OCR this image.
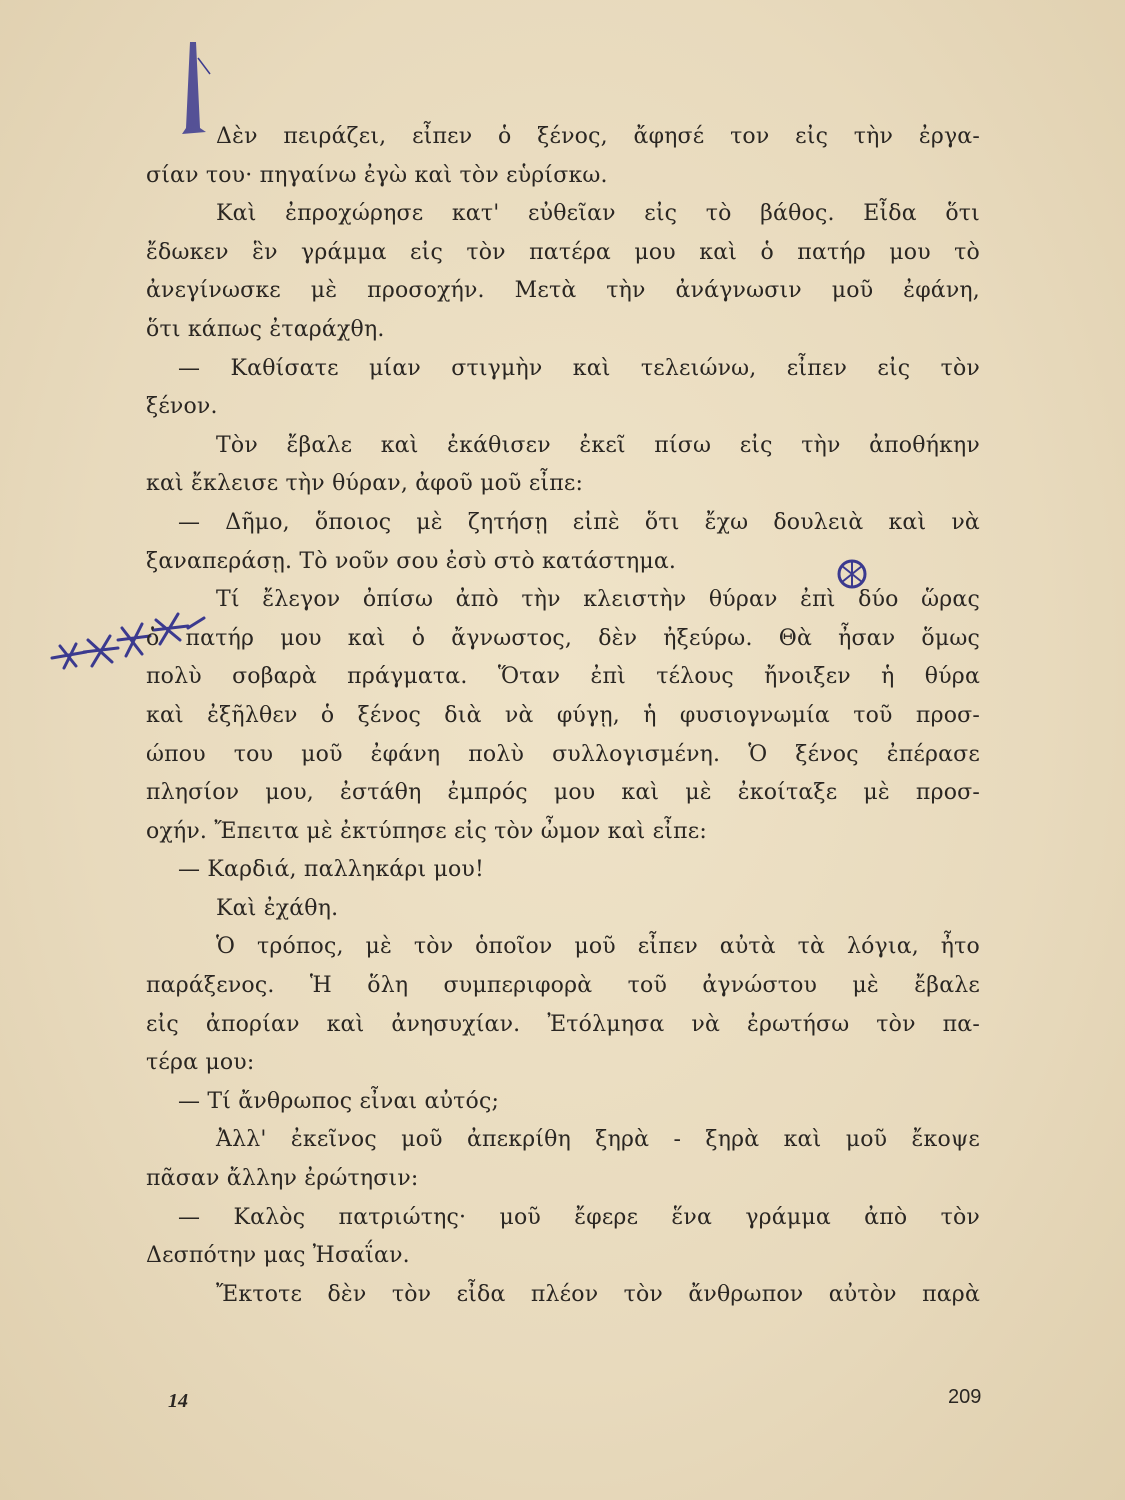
Δὲν πειράζει, εἶπεν ὁ ξένος, ἄφησέ τον εἰς τὴν ἐργα-
σίαν του· πηγαίνω ἐγὼ καὶ τὸν εὑρίσκω.
Καὶ ἐπροχώρησε κατ' εὐθεῖαν εἰς τὸ βάθος. Εἶδα ὅτι
ἔδωκεν ἓν γράμμα εἰς τὸν πατέρα μου καὶ ὁ πατήρ μου τὸ
ἀνεγίνωσκε μὲ προσοχήν. Μετὰ τὴν ἀνάγνωσιν μοῦ ἐφάνη,
ὅτι κάπως ἐταράχθη.
— Καθίσατε μίαν στιγμὴν καὶ τελειώνω, εἶπεν εἰς τὸν
ξένον.
Τὸν ἔβαλε καὶ ἐκάθισεν ἐκεῖ πίσω εἰς τὴν ἀποθήκην
καὶ ἔκλεισε τὴν θύραν, ἀφοῦ μοῦ εἶπε:
— Δῆμο, ὅποιος μὲ ζητήσῃ εἰπὲ ὅτι ἔχω δουλειὰ καὶ νὰ
ξαναπεράσῃ. Τὸ νοῦν σου ἐσὺ στὸ κατάστημα.
Τί ἔλεγον ὀπίσω ἀπὸ τὴν κλειστὴν θύραν ἐπὶ δύο ὥρας
ὁ πατήρ μου καὶ ὁ ἄγνωστος, δὲν ἠξεύρω. Θὰ ἦσαν ὅμως
πολὺ σοβαρὰ πράγματα. Ὅταν ἐπὶ τέλους ἤνοιξεν ἡ θύρα
καὶ ἐξῆλθεν ὁ ξένος διὰ νὰ φύγῃ, ἡ φυσιογνωμία τοῦ προσ-
ώπου του μοῦ ἐφάνη πολὺ συλλογισμένη. Ὁ ξένος ἐπέρασε
πλησίον μου, ἐστάθη ἐμπρός μου καὶ μὲ ἐκοίταξε μὲ προσ-
οχήν. Ἔπειτα μὲ ἐκτύπησε εἰς τὸν ὦμον καὶ εἶπε:
— Καρδιά, παλληκάρι μου!
Καὶ ἐχάθη.
Ὁ τρόπος, μὲ τὸν ὁποῖον μοῦ εἶπεν αὐτὰ τὰ λόγια, ἦτο
παράξενος. Ἡ ὅλη συμπεριφορὰ τοῦ ἀγνώστου μὲ ἔβαλε
εἰς ἀπορίαν καὶ ἀνησυχίαν. Ἐτόλμησα νὰ ἐρωτήσω τὸν πα-
τέρα μου:
— Τί ἄνθρωπος εἶναι αὐτός;
Ἀλλ' ἐκεῖνος μοῦ ἀπεκρίθη ξηρὰ - ξηρὰ καὶ μοῦ ἔκοψε
πᾶσαν ἄλλην ἐρώτησιν:
— Καλὸς πατριώτης· μοῦ ἔφερε ἕνα γράμμα ἀπὸ τὸν
Δεσπότην μας Ἠσαΐαν.
Ἔκτοτε δὲν τὸν εἶδα πλέον τὸν ἄνθρωπον αὐτὸν παρὰ
14	209
